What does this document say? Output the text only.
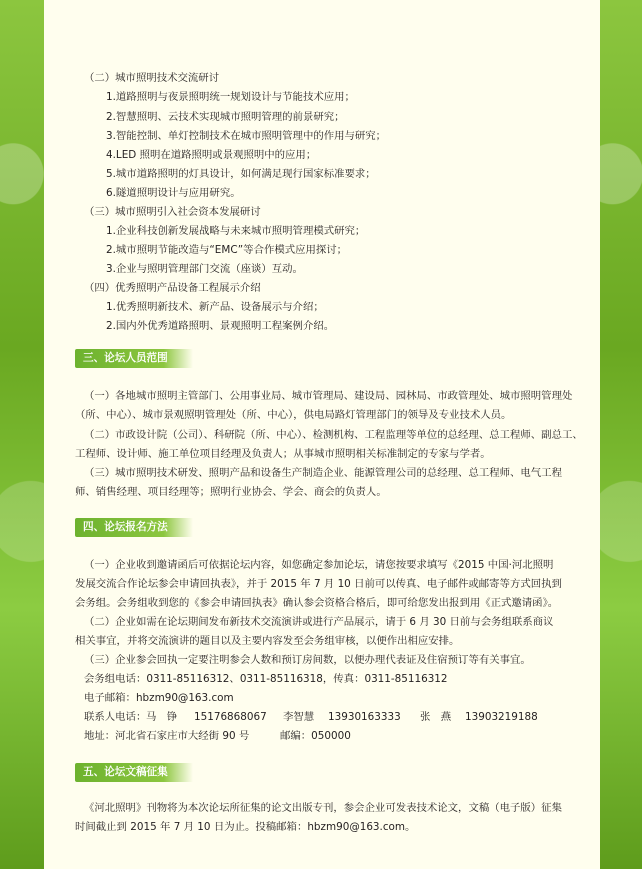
（二）城市照明技术交流研讨
1.道路照明与夜景照明统一规划设计与节能技术应用；
2.智慧照明、云技术实现城市照明管理的前景研究；
3.智能控制、单灯控制技术在城市照明管理中的作用与研究；
4.LED 照明在道路照明或景观照明中的应用；
5.城市道路照明的灯具设计，如何满足现行国家标准要求；
6.隧道照明设计与应用研究。
（三）城市照明引入社会资本发展研讨
1.企业科技创新发展战略与未来城市照明管理模式研究；
2.城市照明节能改造与“EMC”等合作模式应用探讨；
3.企业与照明管理部门交流（座谈）互动。
（四）优秀照明产品设备工程展示介绍
1.优秀照明新技术、新产品、设备展示与介绍；
2.国内外优秀道路照明、景观照明工程案例介绍。
三、论坛人员范围
（一）各地城市照明主管部门、公用事业局、城市管理局、建设局、园林局、市政管理处、城市照明管理处
（所、中心）、城市景观照明管理处（所、中心），供电局路灯管理部门的领导及专业技术人员。
（二）市政设计院（公司）、科研院（所、中心）、检测机构、工程监理等单位的总经理、总工程师、副总工、
工程师、设计师、施工单位项目经理及负责人；从事城市照明相关标准制定的专家与学者。
（三）城市照明技术研发、照明产品和设备生产制造企业、能源管理公司的总经理、总工程师、电气工程
师、销售经理、项目经理等；照明行业协会、学会、商会的负责人。
四、论坛报名方法
（一）企业收到邀请函后可依据论坛内容，如您确定参加论坛，请您按要求填写《2015 中国·河北照明
发展交流合作论坛参会申请回执表》，并于 2015 年 7 月 10 日前可以传真、电子邮件或邮寄等方式回执到
会务组。会务组收到您的《参会申请回执表》确认参会资格合格后，即可给您发出报到用《正式邀请函》。
（二）企业如需在论坛期间发布新技术交流演讲或进行产品展示，请于 6 月 30 日前与会务组联系商议
相关事宜，并将交流演讲的题目以及主要内容发至会务组审核，以便作出相应安排。
（三）企业参会回执一定要注明参会人数和预订房间数，以便办理代表证及住宿预订等有关事宜。
会务组电话：0311-85116312、0311-85116318，传真：0311-85116312
电子邮箱：hbzm90@163.com
联系人电话： 马　铮 15176868067 李智慧 13930163333 张　燕 13903219188
地址：河北省石家庄市大经街 90 号	邮编：050000
五、论坛文稿征集
《河北照明》刊物将为本次论坛所征集的论文出版专刊，参会企业可发表技术论文，文稿（电子版）征集
时间截止到 2015 年 7 月 10 日为止。投稿邮箱：hbzm90@163.com。
